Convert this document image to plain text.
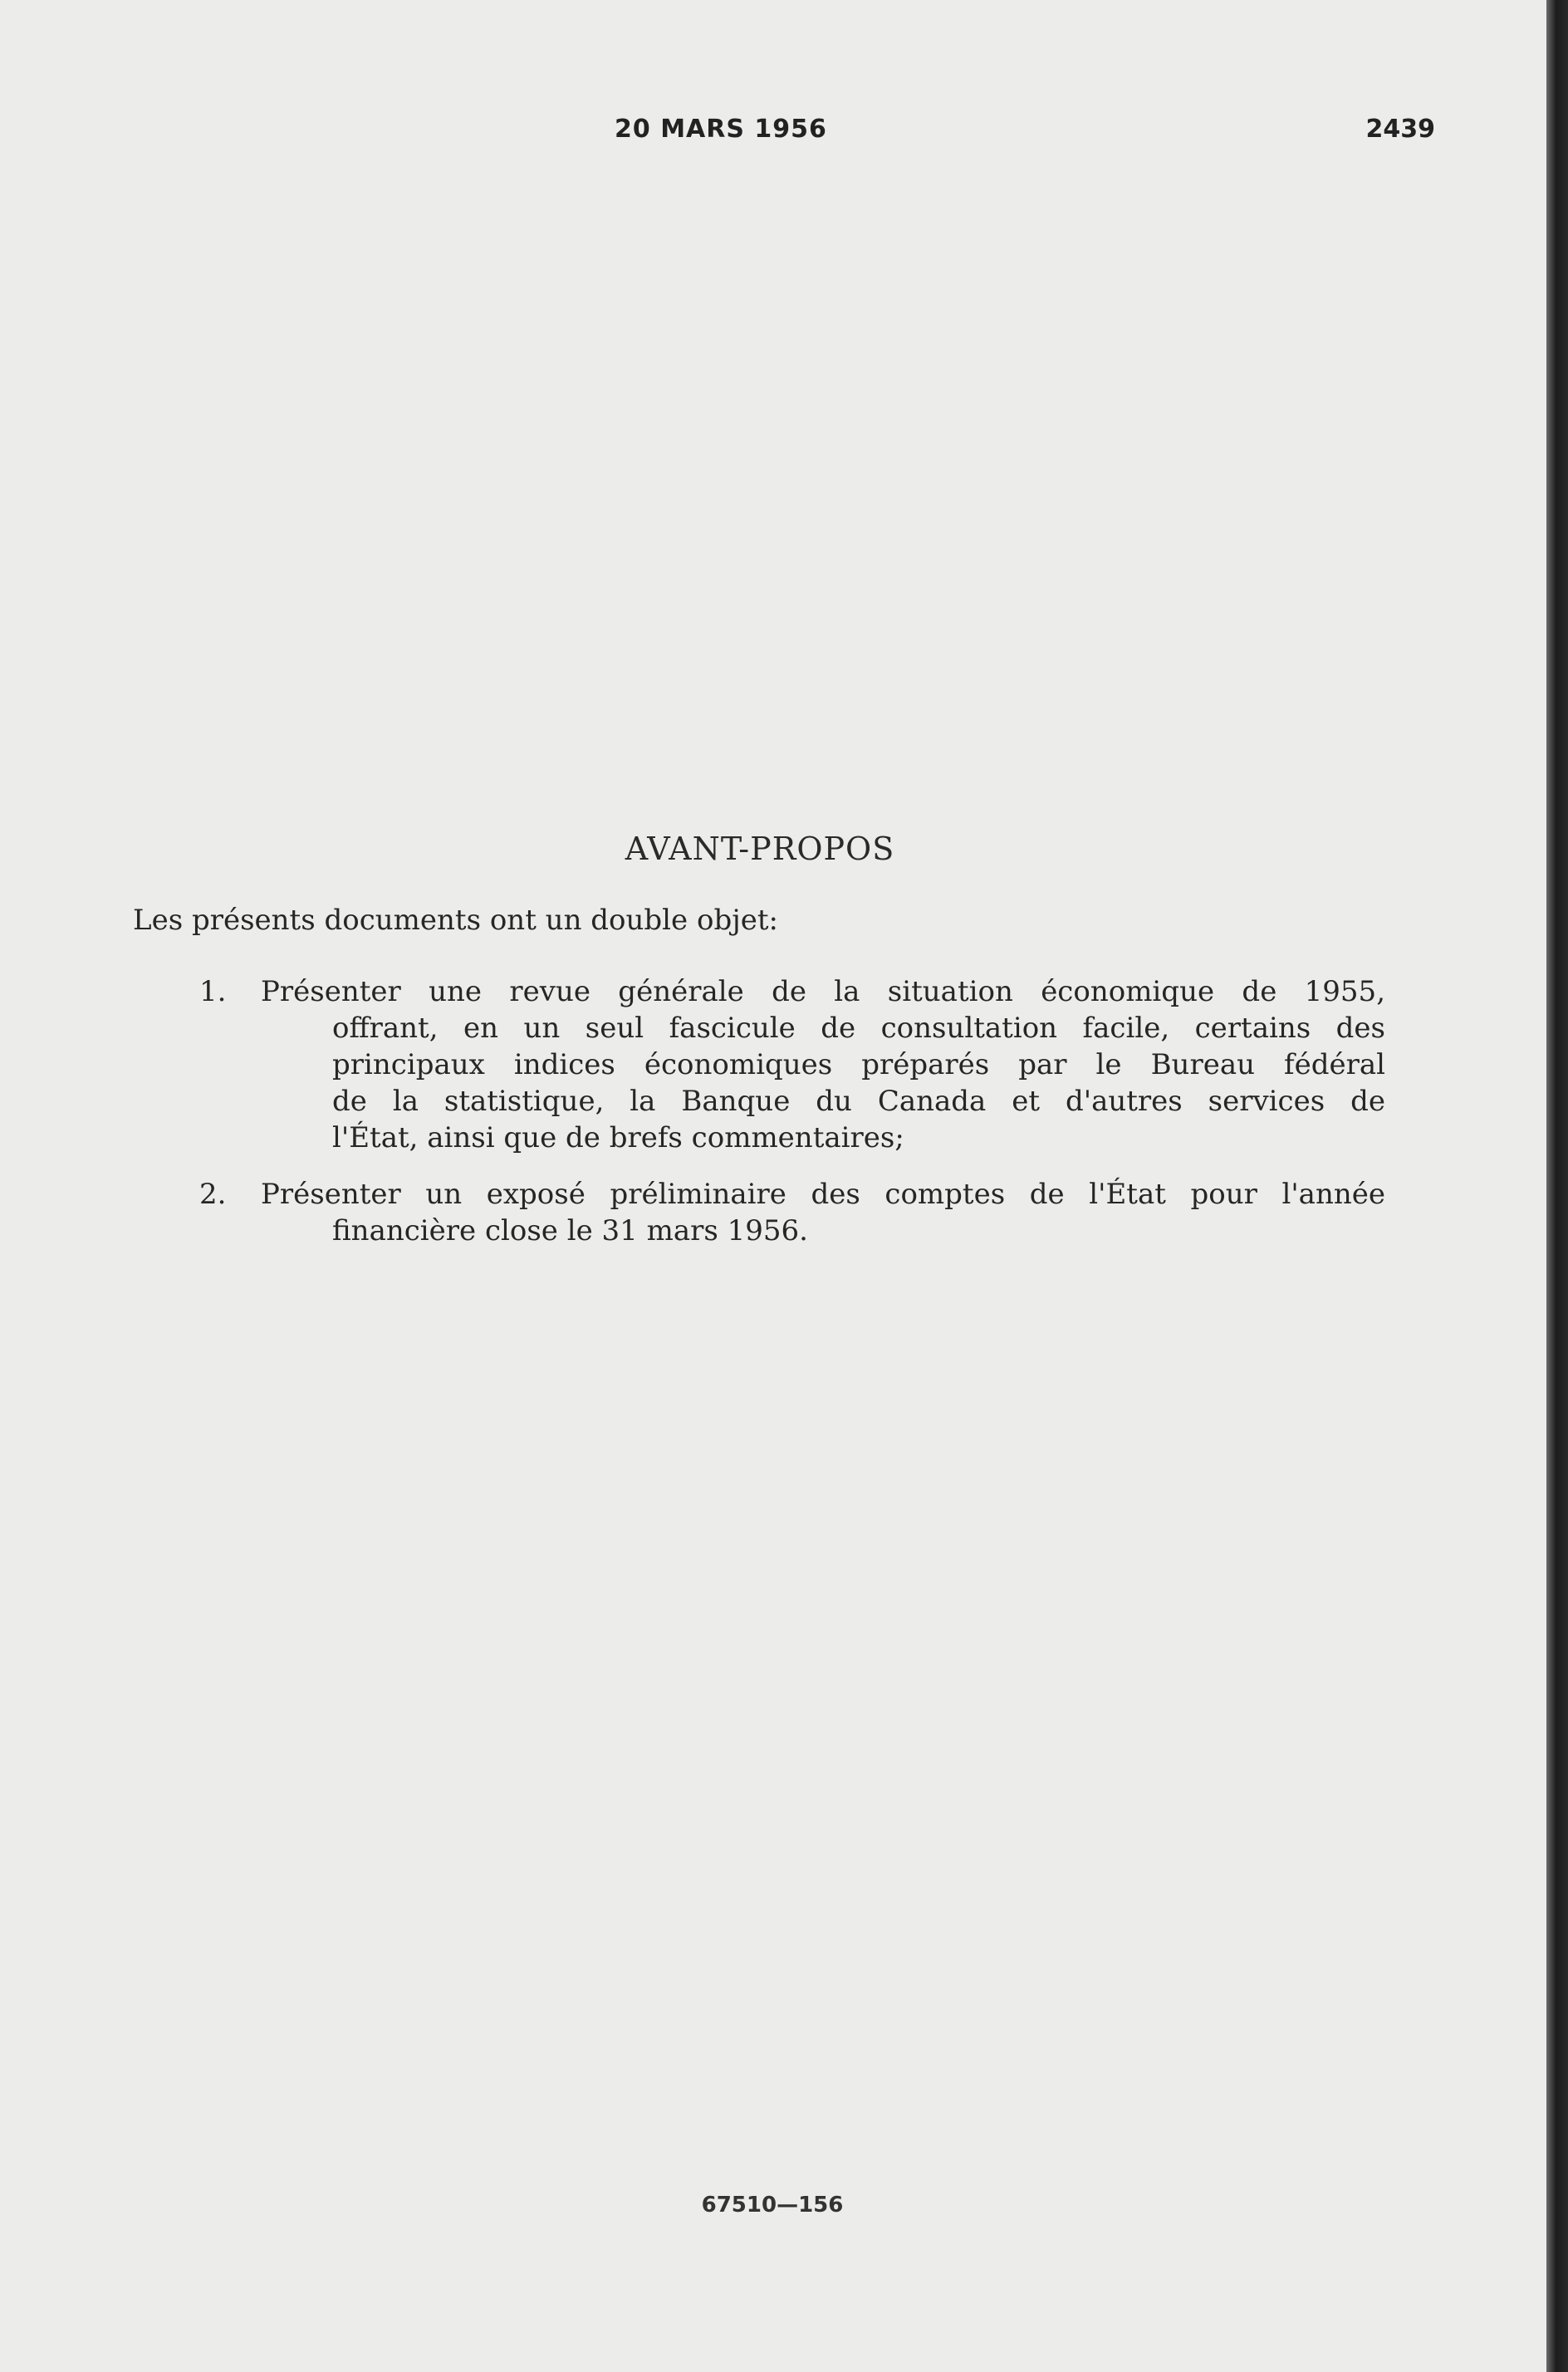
20 MARS 1956	2439
AVANT-PROPOS
Les présents documents ont un double objet:
1.	Présenter une revue générale de la situation économique de 1955,
offrant, en un seul fascicule de consultation facile, certains des
principaux indices économiques préparés par le Bureau fédéral
de la statistique, la Banque du Canada et d'autres services de
l'État, ainsi que de brefs commentaires;
2.	Présenter un exposé préliminaire des comptes de l'État pour l'année
financière close le 31 mars 1956.
67510—156
